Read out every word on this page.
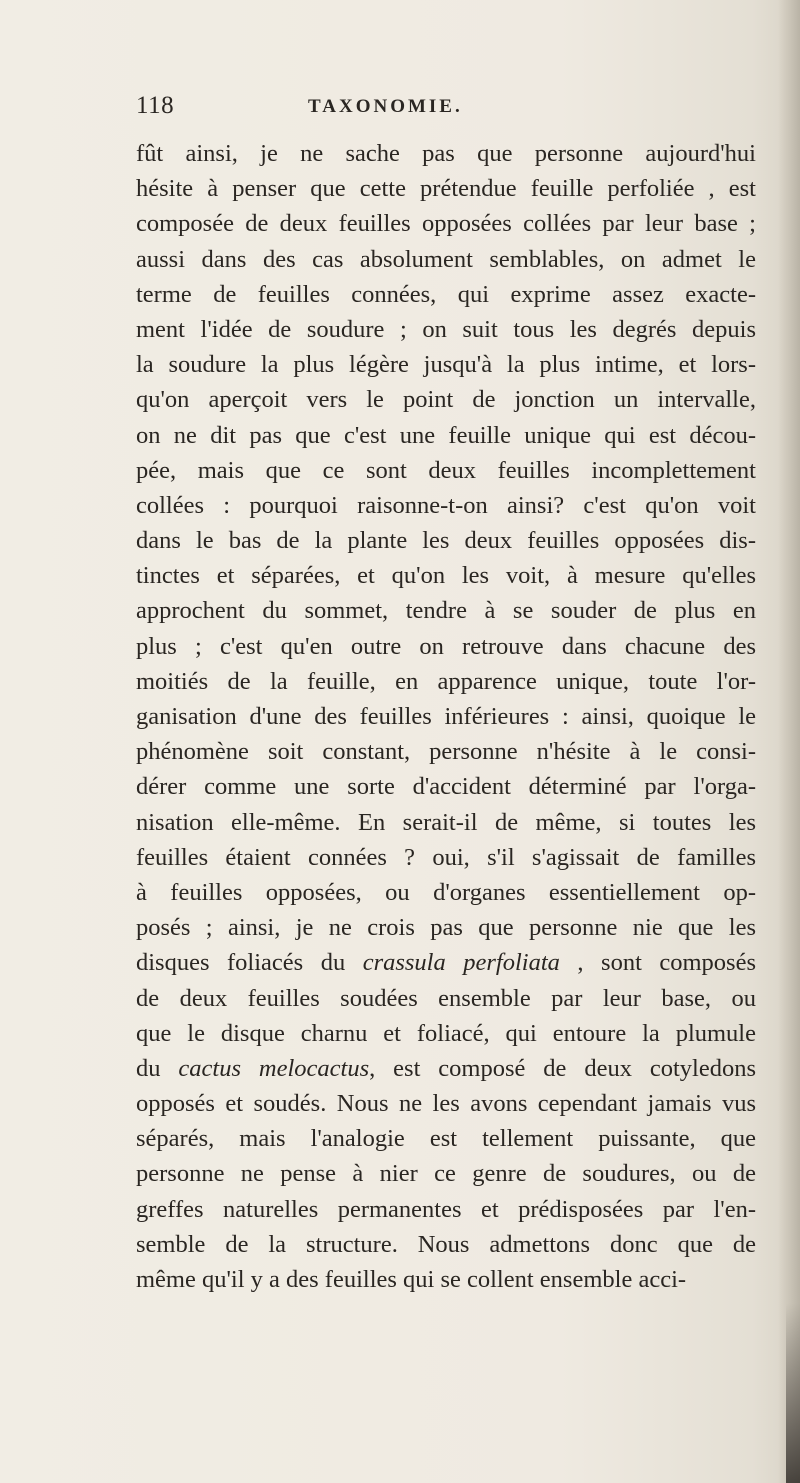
118	TAXONOMIE.
fût ainsi, je ne sache pas que personne aujourd'hui
hésite à penser que cette prétendue feuille perfoliée , est
composée de deux feuilles opposées collées par leur base ;
aussi dans des cas absolument semblables, on admet le
terme de feuilles connées, qui exprime assez exacte-
ment l'idée de soudure ; on suit tous les degrés depuis
la soudure la plus légère jusqu'à la plus intime, et lors-
qu'on aperçoit vers le point de jonction un intervalle,
on ne dit pas que c'est une feuille unique qui est décou-
pée, mais que ce sont deux feuilles incomplettement
collées : pourquoi raisonne-t-on ainsi? c'est qu'on voit
dans le bas de la plante les deux feuilles opposées dis-
tinctes et séparées, et qu'on les voit, à mesure qu'elles
approchent du sommet, tendre à se souder de plus en
plus ; c'est qu'en outre on retrouve dans chacune des
moitiés de la feuille, en apparence unique, toute l'or-
ganisation d'une des feuilles inférieures : ainsi, quoique le
phénomène soit constant, personne n'hésite à le consi-
dérer comme une sorte d'accident déterminé par l'orga-
nisation elle-même. En serait-il de même, si toutes les
feuilles étaient connées ? oui, s'il s'agissait de familles
à feuilles opposées, ou d'organes essentiellement op-
posés ; ainsi, je ne crois pas que personne nie que les
disques foliacés du crassula perfoliata , sont composés
de deux feuilles soudées ensemble par leur base, ou
que le disque charnu et foliacé, qui entoure la plumule
du cactus melocactus, est composé de deux cotyledons
opposés et soudés. Nous ne les avons cependant jamais vus
séparés, mais l'analogie est tellement puissante, que
personne ne pense à nier ce genre de soudures, ou de
greffes naturelles permanentes et prédisposées par l'en-
semble de la structure. Nous admettons donc que de
même qu'il y a des feuilles qui se collent ensemble acci-
